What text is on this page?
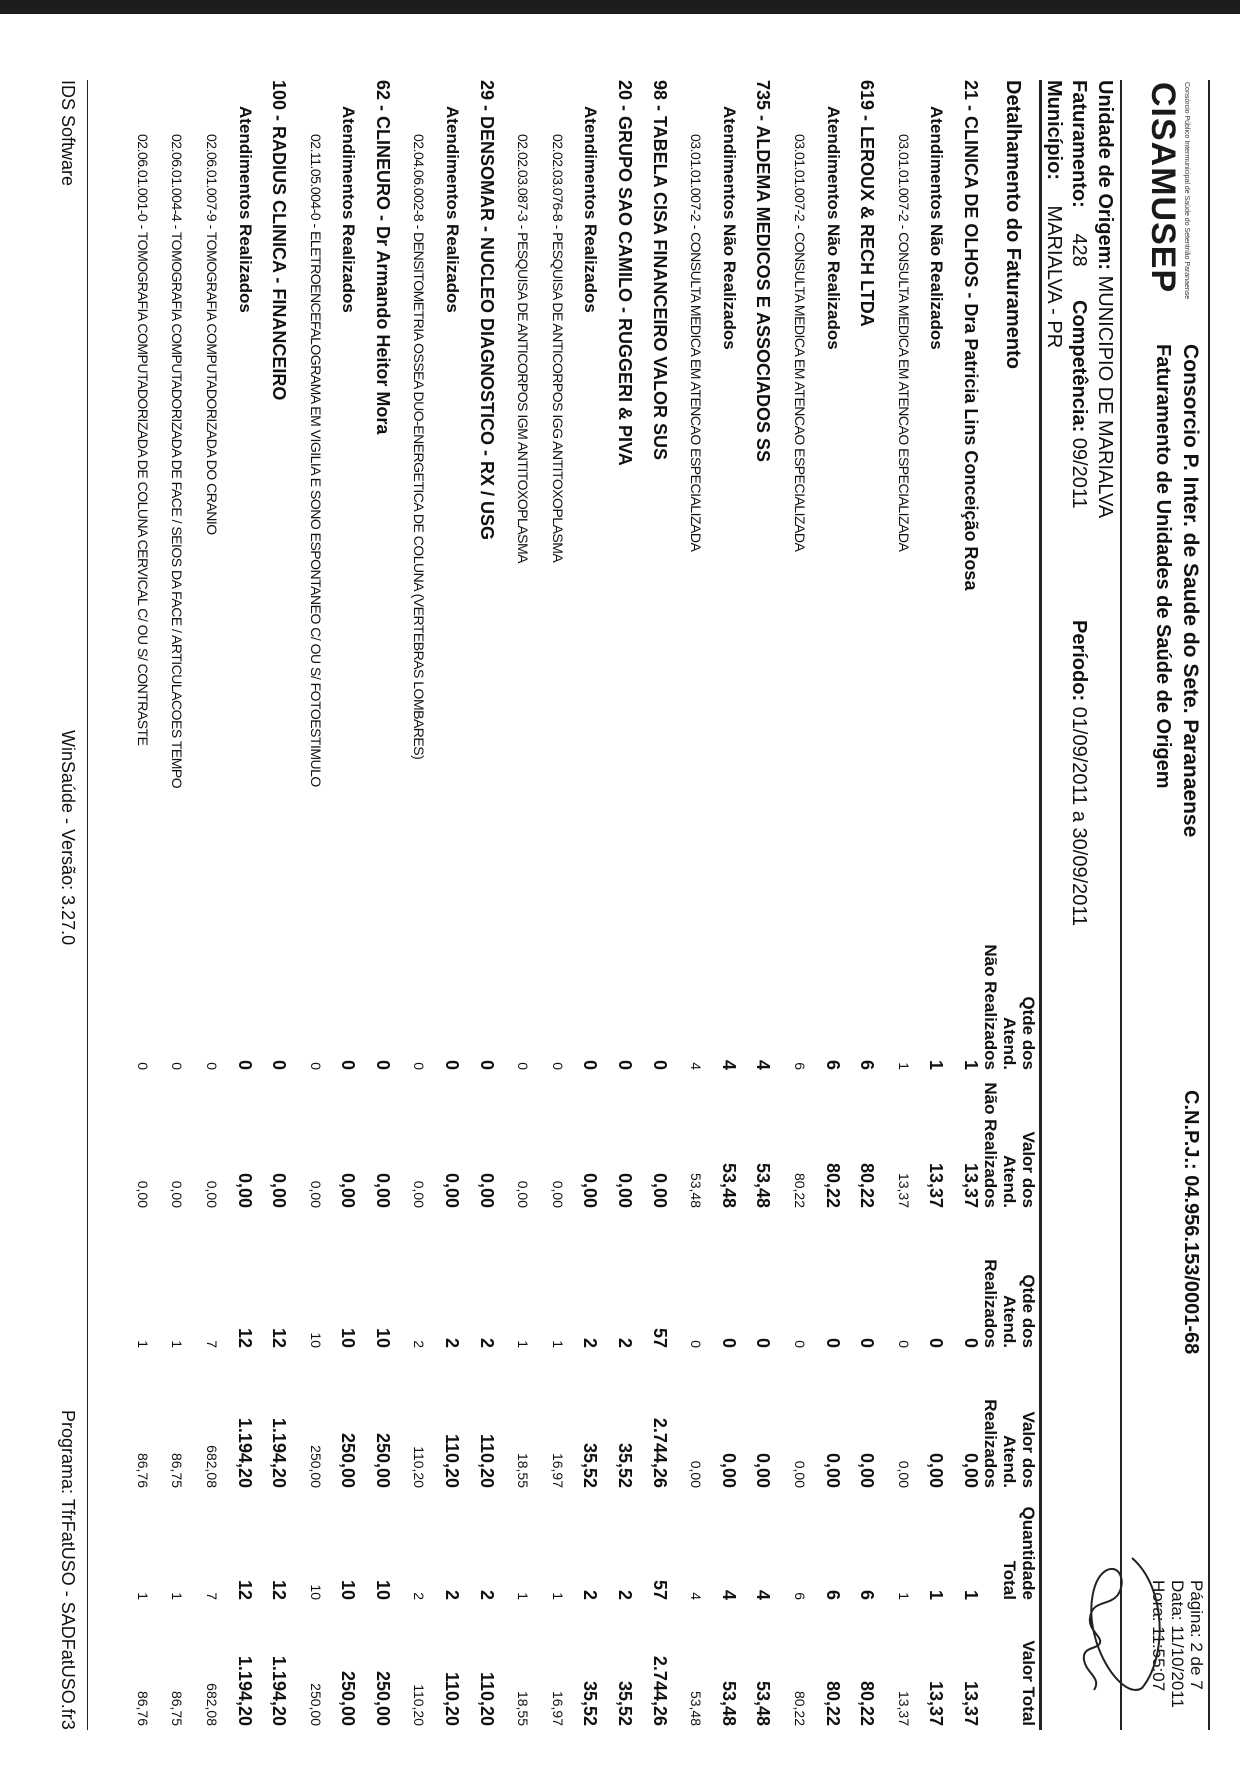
Consórcio Público Intermunicipal de Saúde do Setentrião Paranaense
CISAMUSEP
Consorcio P. Inter. de Saude do Sete. Paranaense
Faturamento de Unidades de Saúde de Origem
C.N.P.J.: 04.956.153/0001-68
Página: 2 de 7
Data: 11/10/2011
Hora: 11:55:07
Unidade de Origem: MUNICIPIO DE MARIALVA
Faturamento: 428
Competência: 09/2011
Período: 01/09/2011 a 30/09/2011
Município: MARIALVA - PR
Detalhamento do Faturamento
Qtde dos Atend.
Não Realizados
Valor dos Atend.
Não Realizados
Qtde dos Atend.
Realizados
Valor dos Atend.
Realizados
Quantidade
Total
Valor Total
21 - CLINICA DE OLHOS - Dra Patricia Lins Conceição Rosa
1
13,37
0
0,00
1
13,37
Atendimentos Não Realizados
1
13,37
0
0,00
1
13,37
03.01.01.007-2 - CONSULTA MEDICA EM ATENCAO ESPECIALIZADA
1
13,37
0
0,00
1
13,37
619 - LEROUX & RECH LTDA
6
80,22
0
0,00
6
80,22
Atendimentos Não Realizados
6
80,22
0
0,00
6
80,22
03.01.01.007-2 - CONSULTA MEDICA EM ATENCAO ESPECIALIZADA
6
80,22
0
0,00
6
80,22
735 - ALDEMA MEDICOS E ASSOCIADOS SS
4
53,48
0
0,00
4
53,48
Atendimentos Não Realizados
4
53,48
0
0,00
4
53,48
03.01.01.007-2 - CONSULTA MEDICA EM ATENCAO ESPECIALIZADA
4
53,48
0
0,00
4
53,48
98 - TABELA CISA FINANCEIRO VALOR SUS
0
0,00
57
2.744,26
57
2.744,26
20 - GRUPO SAO CAMILO - RUGGERI & PIVA
0
0,00
2
35,52
2
35,52
Atendimentos Realizados
0
0,00
2
35,52
2
35,52
02.02.03.076-8 - PESQUISA DE ANTICORPOS IGG ANTITOXOPLASMA
0
0,00
1
16,97
1
16,97
02.02.03.087-3 - PESQUISA DE ANTICORPOS IGM ANTITOXOPLASMA
0
0,00
1
18,55
1
18,55
29 - DENSOMAR - NUCLEO DIAGNOSTICO - RX / USG
0
0,00
2
110,20
2
110,20
Atendimentos Realizados
0
0,00
2
110,20
2
110,20
02.04.06.002-8 - DENSITOMETRIA OSSEA DUO-ENERGETICA DE COLUNA (VERTEBRAS LOMBARES)
0
0,00
2
110,20
2
110,20
62 - CLINEURO - Dr Armando Heitor Mora
0
0,00
10
250,00
10
250,00
Atendimentos Realizados
0
0,00
10
250,00
10
250,00
02.11.05.004-0 - ELETROENCEFALOGRAMA EM VIGILIA E SONO ESPONTANEO C/ OU S/ FOTOESTIMULO
0
0,00
10
250,00
10
250,00
100 - RADIUS CLINICA - FINANCEIRO
0
0,00
12
1.194,20
12
1.194,20
Atendimentos Realizados
0
0,00
12
1.194,20
12
1.194,20
02.06.01.007-9 - TOMOGRAFIA COMPUTADORIZADA DO CRANIO
0
0,00
7
682,08
7
682,08
02.06.01.004-4 - TOMOGRAFIA COMPUTADORIZADA DE FACE / SEIOS DA FACE / ARTICULACOES TEMPO
0
0,00
1
86,75
1
86,75
02.06.01.001-0 - TOMOGRAFIA COMPUTADORIZADA DE COLUNA CERVICAL C/ OU S/ CONTRASTE
0
0,00
1
86,76
1
86,76
IDS Software
WinSaúde - Versão: 3.27.0
Programa: TfrFatUSO - SADFatUSO.fr3
